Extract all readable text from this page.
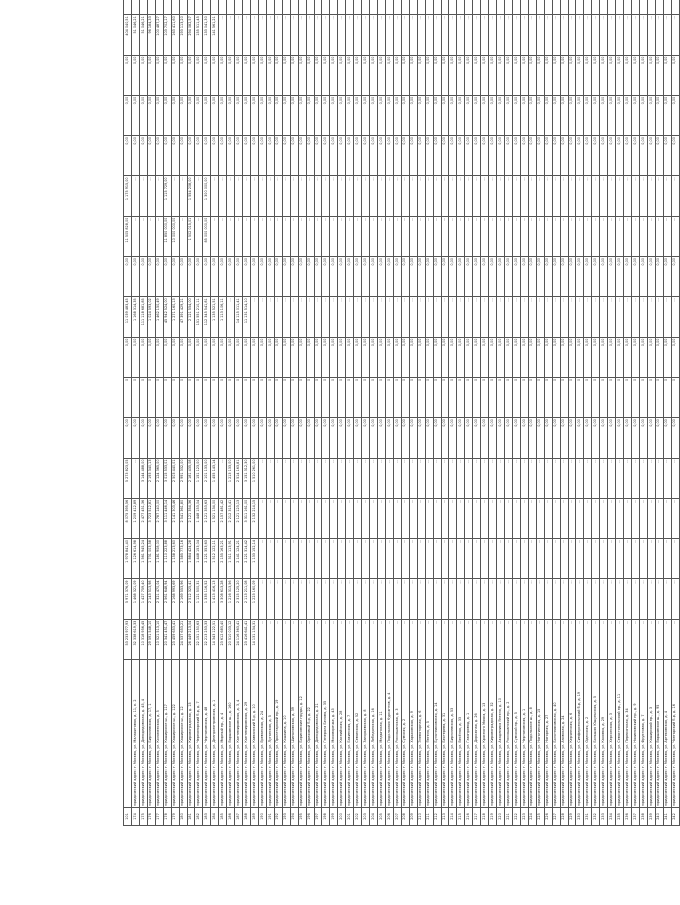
101		53 233 977,93	5 971 376,09	1 978 841,40	8 075 395,56	5 273 823,05	0,00	0	0,00	11 039 483,45	0,00	11 505 828,00	1 175 915,00	0,00	0,00	0,00	404 040,51	
174	юридический адрес: г. Москва, ул. Малахитовая, д. 11, к. 2	32 338 619,33	1 468 321,09	1 126 614,98	1 209 412,89	...	0,00	0	0,00	1 168 314,35	0,00	...	...	0,00	0,00	0,00	51 046,21	
175	юридический адрес: г. Москва, ул. Домодедовская, д. 45, 4	10 318 956,45	1 427 759,40	1 561 945,24	2 477 451,36	3 144 488,00	0,00	0	0,00	111 118 681,85	0,00	...	...	0,00	0,00	0,00	51 046,21	
176	юридический адрес: г. Москва, ул. Бирюлевская, д. 17, 1	29 591 548,10	2 143 513,98	1 731 003,58	3 723 512,81	2 193 340,13	0,00	0	0,00	1 024 593,02	0,00	...	...	0,00	0,00	0,00	96 184,33	
177	юридический адрес: г. Москва, ул. Коломенская, д. 5	10 521 513,10	2 321 470,04	1 181 908,00	2 787 140,00	2 124 365,00	0,00	0	0,00	1 462 150,49	0,00	...	...	0,00	0,00	0,00	100 487,27	
178	юридический адрес: г. Москва, ул. Каширское ш., д. 117	20 341 451,47	2 561 648,94	1 110 223,88	3 111 446,14	3 015 533,01	0,00	0	0,00	45 942 524,00	0,00	11 850 000,00	1 115 729,00	0,00	0,00	0,00	103 702,17	
179	юридический адрес: г. Москва, ул. Каширское ш., д. 122	23 459 653,41	2 168 993,69	1 158 213,60	2 141 303,46	2 503 440,01	0,00	0	0,00	1 271 160,13	0,00	10 000 000,00	...	0,00	0,00	0,00	163 411,60	
180	юридический адрес: г. Москва, ул. Каширское ш., д. 12	24 537 653,21	2 169 553,96	1 585 773,16	2 541 361,80	2 991 332,00	0,00	0	0,00	47 391 429,21	0,00	...	...	0,00	0,00	0,00	193 113,20	
181	юридический адрес: г. Москва, ул. Кировоградская, д. 15	26 449 213,04	2 512 325,41	1 884 424,28	2 121 354,36	2 181 435,08	0,00	0	0,00	2 121 554,00	0,00	1 502 015,01	1 554 208,00	0,00	0,00	0,00	294 082,57	
182	юридический адрес: г. Москва, ул. Черноморский б-р, д. 7	22 151 150,63	1 121 500,31	1 448 153,04	1 448 153,04	1 151 123,00	0,00	0	0,00	151 551 210,11	0,00	...	...	0,00	0,00	0,00	155 511,45	
183	юридический адрес: г. Москва, ул. Чертановская, д. 48	22 213 253,33	1 335 116,52	2 121 353,63	2 121 353,63	2 101 133,00	0,00	0	0,00	112 345 541,81	0,00	85 000 000,00	1 300 000,00	0,00	0,00	0,00	133 041,30	
184	юридический адрес: г. Москва, ул. Днепропетровская, д. 1	14 343 122,51	1 413 416,13	1 512 122,11	1 521 134,00	1 455 143,14	0,00	0	0,00	1 135 521,51	0,00	...	...	0,00	0,00	0,00	141 561,21	
185	юридический адрес: г. Москва, ул. Мирный пр., д. 4	23 612 683,40	3 308 613,28	2 155 163,21	2 157 481,42	...	0,00	0	0,00	1 113 106,11	0,00	...	...	0,00	0,00	0,00	...	
186	юридический адрес: г. Москва, ул. Варшавское ш., д. 160	20 510 003,12	1 216 313,56	1 311 113,91	2 212 315,41	1 213 133,00	0,00	0	0,00	...	0,00	...	...	0,00	0,00	0,00	...	
187	юридический адрес: г. Москва, ул. Кантемировская, д. 3, 4	24 116 363,41	2 315 125,20	2 141 124,21	2 121 123,13	2 514 163,81	0,00	0	0,00	14 115 011,41	0,00	...	...	0,00	0,00	0,00	...	
188	юридический адрес: г. Москва, ул. Кантемировская, д. 29	23 416 641,41	2 113 211,08	2 121 314,42	3 311 161,00	3 151 312,30	0,00	0	0,00	11 131 514,10	0,00	...	...	0,00	0,00	0,00	...	
189	юридический адрес: г. Москва, ул. Кавказский б-р, д. 10	14 131 134,31	1 223 160,09	1 133 152,14	2 132 214,15	1 510 261,00	0,00	0	0,00	...	0,00	...	...	0,00	0,00	0,00	...	
190	юридический адрес: г. Москва, ул. Ереванская, д. 24	...	...	...	...	...	0,00	0	0,00	...	0,00	...	...	0,00	0,00	0,00	...	
191	юридический адрес: г. Москва, ул. Луганская, д. 5	...	...	...	...	...	0,00	0	0,00	...	0,00	...	...	0,00	0,00	0,00	...	
192	юридический адрес: г. Москва, ул. Пролетарский пр., д. 19	...	...	...	...	...	0,00	0	0,00	...	0,00	...	...	0,00	0,00	0,00	...	
193	юридический адрес: г. Москва, ул. Кошкина, д. 10	...	...	...	...	...	0,00	0	0,00	...	0,00	...	...	0,00	0,00	0,00	...	
194	юридический адрес: г. Москва, ул. Шипиловская, д. 39	...	...	...	...	...	0,00	0	0,00	...	0,00	...	...	0,00	0,00	0,00	...	
195	юридический адрес: г. Москва, ул. Борисовские пруды, д. 12	...	...	...	...	...	0,00	0	0,00	...	0,00	...	...	0,00	0,00	0,00	...	
196	юридический адрес: г. Москва, ул. Ореховый б-р, д. 22	...	...	...	...	...	0,00	0	0,00	...	0,00	...	...	0,00	0,00	0,00	...	
197	юридический адрес: г. Москва, ул. Домодедовская, д. 21	...	...	...	...	...	0,00	0	0,00	...	0,00	...	...	0,00	0,00	0,00	...	
198	юридический адрес: г. Москва, ул. Генерала Белова, д. 35	...	...	...	...	...	0,00	0	0,00	...	0,00	...	...	0,00	0,00	0,00	...	
199	юридический адрес: г. Москва, ул. Москворечье, д. 43	...	...	...	...	...	0,00	0	0,00	...	0,00	...	...	0,00	0,00	0,00	...	
200	юридический адрес: г. Москва, ул. Каспийская, д. 28	...	...	...	...	...	0,00	0	0,00	...	0,00	...	...	0,00	0,00	0,00	...	
201	юридический адрес: г. Москва, ул. Бакинская, д. 7	...	...	...	...	...	0,00	0	0,00	...	0,00	...	...	0,00	0,00	0,00	...	
202	юридический адрес: г. Москва, ул. Севанская, д. 52	...	...	...	...	...	0,00	0	0,00	...	0,00	...	...	0,00	0,00	0,00	...	
203	юридический адрес: г. Москва, ул. Загорьевская, д. 8	...	...	...	...	...	0,00	0	0,00	...	0,00	...	...	0,00	0,00	0,00	...	
204	юридический адрес: г. Москва, ул. Лебедянская, д. 16	...	...	...	...	...	0,00	0	0,00	...	0,00	...	...	0,00	0,00	0,00	...	
205	юридический адрес: г. Москва, ул. Медынская, д. 11	...	...	...	...	...	0,00	0	0,00	...	0,00	...	...	0,00	0,00	0,00	...	
206	юридический адрес: г. Москва, ул. Подольских Курсантов, д. 4	...	...	...	...	...	0,00	0	0,00	...	0,00	...	...	0,00	0,00	0,00	...	
207	юридический адрес: г. Москва, ул. Россошанская, д. 3	...	...	...	...	...	0,00	0	0,00	...	0,00	...	...	0,00	0,00	0,00	...	
208	юридический адрес: г. Москва, ул. Сумская, д. 2	...	...	...	...	...	0,00	0	0,00	...	0,00	...	...	0,00	0,00	0,00	...	
209	юридический адрес: г. Москва, ул. Харьковская, д. 9	...	...	...	...	...	0,00	0	0,00	...	0,00	...	...	0,00	0,00	0,00	...	
210	юридический адрес: г. Москва, ул. Элеваторная, д. 6	...	...	...	...	...	0,00	0	0,00	...	0,00	...	...	0,00	0,00	0,00	...	
211	юридический адрес: г. Москва, ул. Янгеля, д. 5	...	...	...	...	...	0,00	0	0,00	...	0,00	...	...	0,00	0,00	0,00	...	
212	юридический адрес: г. Москва, ул. Булатниковская, д. 14	...	...	...	...	...	0,00	0	0,00	...	0,00	...	...	0,00	0,00	0,00	...	
213	юридический адрес: г. Москва, ул. Бехтерева, д. 31	...	...	...	...	...	0,00	0	0,00	...	0,00	...	...	0,00	0,00	0,00	...	
214	юридический адрес: г. Москва, ул. Бирюлевская, д. 53	...	...	...	...	...	0,00	0	0,00	...	0,00	...	...	0,00	0,00	0,00	...	
215	юридический адрес: г. Москва, ул. Весёлая, д. 33	...	...	...	...	...	0,00	0	0,00	...	0,00	...	...	0,00	0,00	0,00	...	
216	юридический адрес: г. Москва, ул. Газопровод, д. 1	...	...	...	...	...	0,00	0	0,00	...	0,00	...	...	0,00	0,00	0,00	...	
217	юридический адрес: г. Москва, ул. Дорожная, д. 26	...	...	...	...	...	0,00	0	0,00	...	0,00	...	...	0,00	0,00	0,00	...	
218	юридический адрес: г. Москва, ул. Красного Маяка, д. 13	...	...	...	...	...	0,00	0	0,00	...	0,00	...	...	0,00	0,00	0,00	...	
219	юридический адрес: г. Москва, ул. Кировоградская, д. 32	...	...	...	...	...	0,00	0	0,00	...	0,00	...	...	0,00	0,00	0,00	...	
220	юридический адрес: г. Москва, ул. Академика Янгеля, д. 10	...	...	...	...	...	0,00	0	0,00	...	0,00	...	...	0,00	0,00	0,00	...	
221	юридический адрес: г. Москва, ул. Россошанский пр., д. 2	...	...	...	...	...	0,00	0	0,00	...	0,00	...	...	0,00	0,00	0,00	...	
222	юридический адрес: г. Москва, ул. Сумской пр., д. 5	...	...	...	...	...	0,00	0	0,00	...	0,00	...	...	0,00	0,00	0,00	...	
223	юридический адрес: г. Москва, ул. Чертановская, д. 1	...	...	...	...	...	0,00	0	0,00	...	0,00	...	...	0,00	0,00	0,00	...	
224	юридический адрес: г. Москва, ул. Подольское ш., д. 8	...	...	...	...	...	0,00	0	0,00	...	0,00	...	...	0,00	0,00	0,00	...	
225	юридический адрес: г. Москва, ул. Нагатинская, д. 15	...	...	...	...	...	0,00	0	0,00	...	0,00	...	...	0,00	0,00	0,00	...	
226	юридический адрес: г. Москва, ул. Нагорная, д. 27	...	...	...	...	...	0,00	0	0,00	...	0,00	...	...	0,00	0,00	0,00	...	
227	юридический адрес: г. Москва, ул. Болотниковская, д. 40	...	...	...	...	...	0,00	0	0,00	...	0,00	...	...	0,00	0,00	0,00	...	
228	юридический адрес: г. Москва, ул. Азовская, д. 24	...	...	...	...	...	0,00	0	0,00	...	0,00	...	...	0,00	0,00	0,00	...	
229	юридический адрес: г. Москва, ул. Керченская, д. 6	...	...	...	...	...	0,00	0	0,00	...	0,00	...	...	0,00	0,00	0,00	...	
230	юридический адрес: г. Москва, ул. Симферопольский б-р, д. 19	...	...	...	...	...	0,00	0	0,00	...	0,00	...	...	0,00	0,00	0,00	...	
231	юридический адрес: г. Москва, ул. Одесская, д. 2	...	...	...	...	...	0,00	0	0,00	...	0,00	...	...	0,00	0,00	0,00	...	
232	юридический адрес: г. Москва, ул. Большая Юшуньская, д. 5	...	...	...	...	...	0,00	0	0,00	...	0,00	...	...	0,00	0,00	0,00	...	
233	юридический адрес: г. Москва, ул. Каховка, д. 29	...	...	...	...	...	0,00	0	0,00	...	0,00	...	...	0,00	0,00	0,00	...	
234	юридический адрес: г. Москва, ул. Херсонская, д. 3	...	...	...	...	...	0,00	0	0,00	...	0,00	...	...	0,00	0,00	0,00	...	
235	юридический адрес: г. Москва, ул. Севастопольский пр., д. 11	...	...	...	...	...	0,00	0	0,00	...	0,00	...	...	0,00	0,00	0,00	...	
236	юридический адрес: г. Москва, ул. Перекопская, д. 34	...	...	...	...	...	0,00	0	0,00	...	0,00	...	...	0,00	0,00	0,00	...	
237	юридический адрес: г. Москва, ул. Нахимовский пр., д. 9	...	...	...	...	...	0,00	0	0,00	...	0,00	...	...	0,00	0,00	0,00	...	
238	юридический адрес: г. Москва, ул. Фруктовая, д. 7	...	...	...	...	...	0,00	0	0,00	...	0,00	...	...	0,00	0,00	0,00	...	
239	юридический адрес: г. Москва, ул. Каширский пр., д. 3	...	...	...	...	...	0,00	0	0,00	...	0,00	...	...	0,00	0,00	0,00	...	
240	юридический адрес: г. Москва, ул. Варшавское ш., д. 95	...	...	...	...	...	0,00	0	0,00	...	0,00	...	...	0,00	0,00	0,00	...	
241	юридический адрес: г. Москва, ул. Артековская, д. 4	...	...	...	...	...	0,00	0	0,00	...	0,00	...	...	0,00	0,00	0,00	...	
242	юридический адрес: г. Москва, ул. Чонгарский б-р, д. 16	...	...	...	...	...	0,00	0	0,00	...	0,00	...	...	0,00	0,00	0,00	...	
